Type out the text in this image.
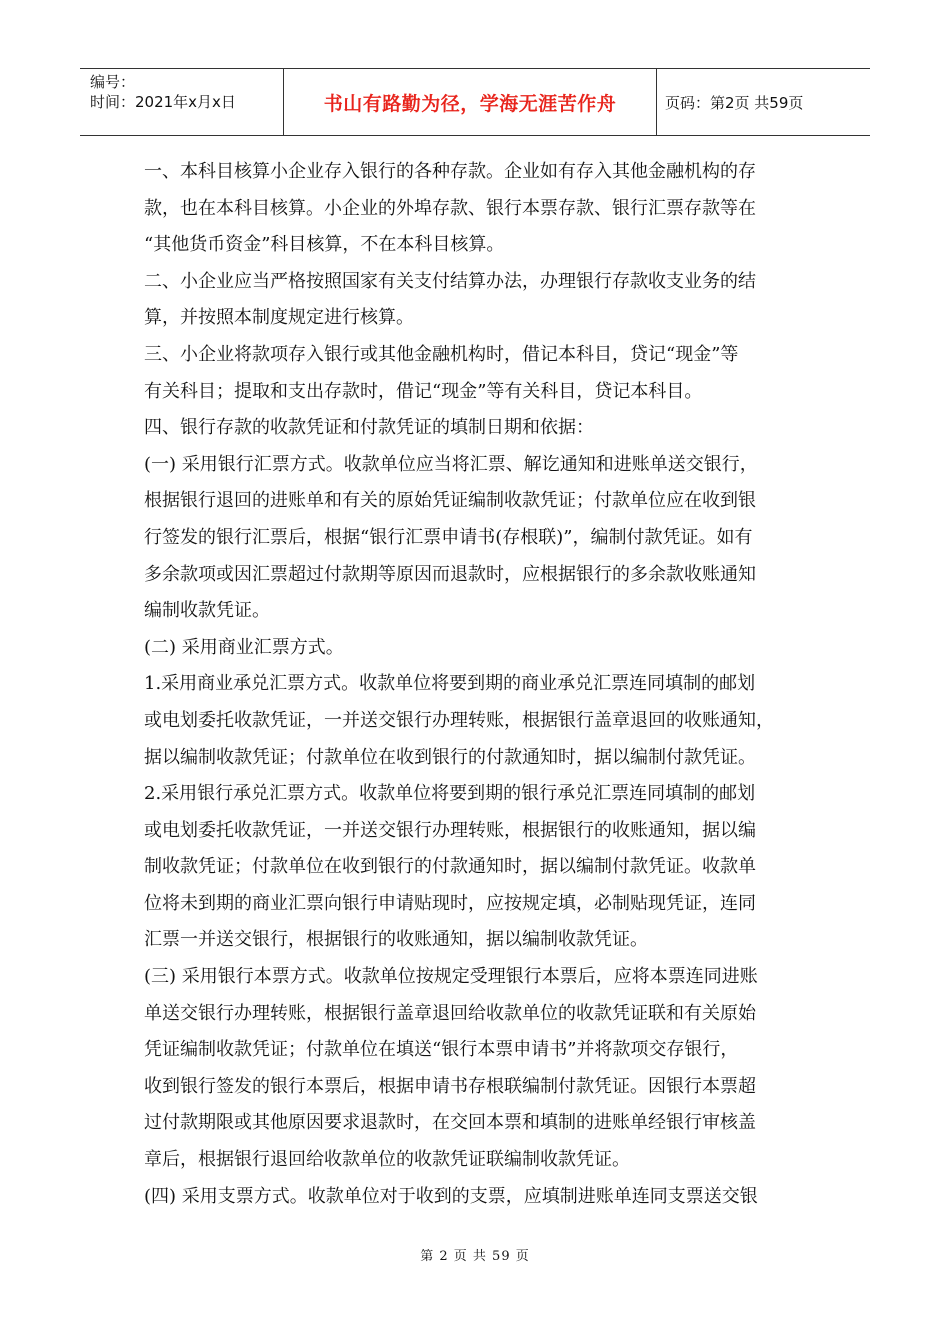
编号：
时间：2021年x月x日	书山有路勤为径，学海无涯苦作舟	页码：第2页 共59页
一、本科目核算小企业存入银行的各种存款。企业如有存入其他金融机构的存
款，也在本科目核算。小企业的外埠存款、银行本票存款、银行汇票存款等在
“其他货币资金”科目核算，不在本科目核算。
二、小企业应当严格按照国家有关支付结算办法，办理银行存款收支业务的结
算，并按照本制度规定进行核算。
三、小企业将款项存入银行或其他金融机构时，借记本科目，贷记“现金”等
有关科目；提取和支出存款时，借记“现金”等有关科目，贷记本科目。
四、银行存款的收款凭证和付款凭证的填制日期和依据：
(一) 采用银行汇票方式。收款单位应当将汇票、解讫通知和进账单送交银行，
根据银行退回的进账单和有关的原始凭证编制收款凭证；付款单位应在收到银
行签发的银行汇票后，根据“银行汇票申请书(存根联)”，编制付款凭证。如有
多余款项或因汇票超过付款期等原因而退款时，应根据银行的多余款收账通知
编制收款凭证。
(二) 采用商业汇票方式。
1.采用商业承兑汇票方式。收款单位将要到期的商业承兑汇票连同填制的邮划
或电划委托收款凭证，一并送交银行办理转账，根据银行盖章退回的收账通知，
据以编制收款凭证；付款单位在收到银行的付款通知时，据以编制付款凭证。
2.采用银行承兑汇票方式。收款单位将要到期的银行承兑汇票连同填制的邮划
或电划委托收款凭证，一并送交银行办理转账，根据银行的收账通知，据以编
制收款凭证；付款单位在收到银行的付款通知时，据以编制付款凭证。收款单
位将未到期的商业汇票向银行申请贴现时，应按规定填，必制贴现凭证，连同
汇票一并送交银行，根据银行的收账通知，据以编制收款凭证。
(三) 采用银行本票方式。收款单位按规定受理银行本票后，应将本票连同进账
单送交银行办理转账，根据银行盖章退回给收款单位的收款凭证联和有关原始
凭证编制收款凭证；付款单位在填送“银行本票申请书”并将款项交存银行，
收到银行签发的银行本票后，根据申请书存根联编制付款凭证。因银行本票超
过付款期限或其他原因要求退款时，在交回本票和填制的进账单经银行审核盖
章后，根据银行退回给收款单位的收款凭证联编制收款凭证。
(四) 采用支票方式。收款单位对于收到的支票，应填制进账单连同支票送交银
第 2 页 共 59 页
